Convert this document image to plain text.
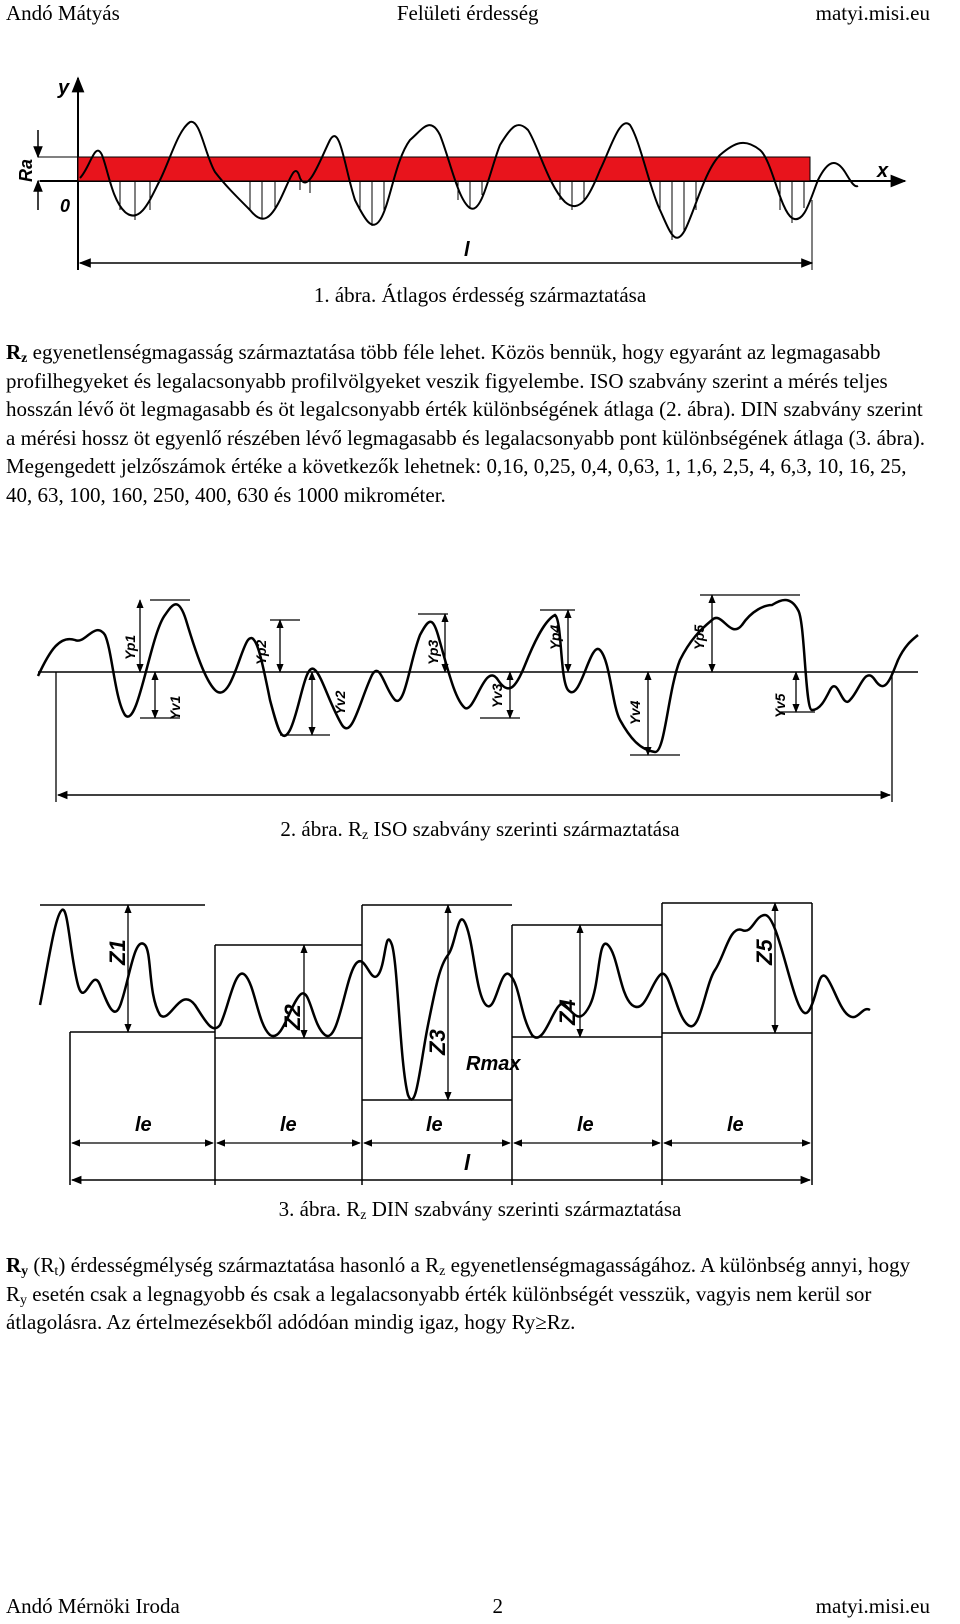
Andó Mátyás	Felületi érdesség	matyi.misi.eu
y
x
Ra
0
l
1. ábra. Átlagos érdesség származtatása

$R_z$ egyenetlenségmagasság származtatása több féle lehet. Közös bennük, hogy egyaránt az legmagasabb profilhegyeket és legalacsonyabb profilvölgyeket veszik figyelembe. ISO szabvány szerint a mérés teljes hosszán lévő öt legmagasabb és öt legalcsonyabb érték különbségének átlaga (2. ábra). DIN szabvány szerint a mérési hossz öt egyenlő részében lévő legmagasabb és legalacsonyabb pont különbségének átlaga (3. ábra). Megengedett jelzőszámok értéke a következők lehetnek: 0,16, 0,25, 0,4, 0,63, 1, 1,6, 2,5, 4, 6,3, 10, 16, 25, 40, 63, 100, 160, 250, 400, 630 és 1000 mikrométer.

Yp1	Yp2	Yp3
Yp4	Yp5
Yv1	Yv2	Yv3
Yv4	Yv5
2. ábra. $R_z$ ISO szabvány szerinti származtatása
Z1
Z2
Z3
Z4
Z5
Rmax
le	le	le	le	le
l
3. ábra. $R_z$ DIN szabvány szerinti származtatása

$R_y$ $(R_t)$ érdességmélység származtatása hasonló a $R_z$ egyenetlenségmagasságához. A különbség annyi, hogy $R_y$ esetén csak a legnagyobb és csak a legalacsonyabb érték különbségét vesszük, vagyis nem kerül sor átlagolásra. Az értelmezésekből adódóan mindig igaz, hogy Ry≥Rz.

Andó Mérnöki Iroda	2	matyi.misi.eu
